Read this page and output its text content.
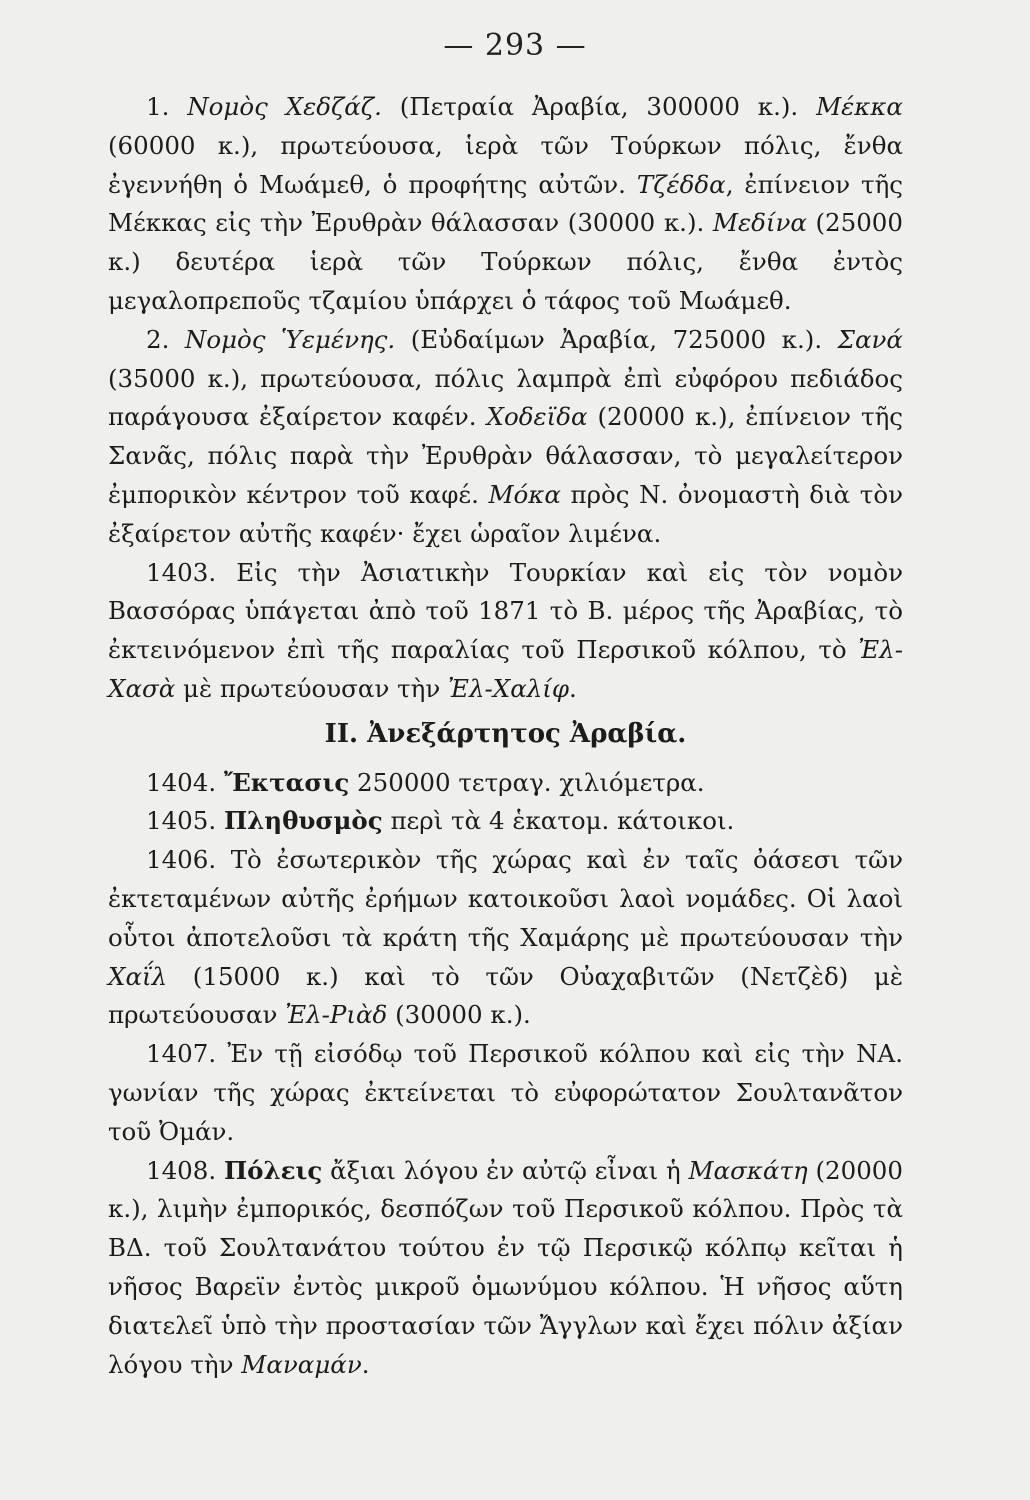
— 293 —

1. Νομὸς Χεδζάζ. (Πετραία Ἀραβία, 300000 κ.). Μέκκα (60000 κ.), πρωτεύουσα, ἱερὰ τῶν Τούρκων πόλις, ἔνθα ἐγεννήθη ὁ Μωάμεθ, ὁ προφήτης αὐτῶν. Τζέδδα, ἐπίνειον τῆς Μέκκας εἰς τὴν Ἐρυθρὰν θάλασσαν (30000 κ.). Μεδίνα (25000 κ.) δευτέρα ἱερὰ τῶν Τούρκων πόλις, ἔνθα ἐντὸς μεγαλοπρεποῦς τζαμίου ὑπάρχει ὁ τάφος τοῦ Μωάμεθ.

2. Νομὸς Ὑεμένης. (Εὐδαίμων Ἀραβία, 725000 κ.). Σανά (35000 κ.), πρωτεύουσα, πόλις λαμπρὰ ἐπὶ εὐφόρου πεδιάδος παράγουσα ἐξαίρετον καφέν. Χοδεϊδα (20000 κ.), ἐπίνειον τῆς Σανᾶς, πόλις παρὰ τὴν Ἐρυθρὰν θάλασσαν, τὸ μεγαλείτερον ἐμπορικὸν κέντρον τοῦ καφέ. Μόκα πρὸς Ν. ὀνομαστὴ διὰ τὸν ἐξαίρετον αὐτῆς καφέν· ἔχει ὡραῖον λιμένα.

1403. Εἰς τὴν Ἀσιατικὴν Τουρκίαν καὶ εἰς τὸν νομὸν Βασσόρας ὑπάγεται ἀπὸ τοῦ 1871 τὸ Β. μέρος τῆς Ἀραβίας, τὸ ἐκτεινόμενον ἐπὶ τῆς παραλίας τοῦ Περσικοῦ κόλπου, τὸ Ἐλ-Χασὰ μὲ πρωτεύουσαν τὴν Ἐλ-Χαλίφ.

ΙΙ. Ἀνεξάρτητος Ἀραβία.

1404. Ἔκτασις 250000 τετραγ. χιλιόμετρα.

1405. Πληθυσμὸς περὶ τὰ 4 ἑκατομ. κάτοικοι.

1406. Τὸ ἐσωτερικὸν τῆς χώρας καὶ ἐν ταῖς ὀάσεσι τῶν ἐκτεταμένων αὐτῆς ἐρήμων κατοικοῦσι λαοὶ νομάδες. Οἱ λαοὶ οὗτοι ἀποτελοῦσι τὰ κράτη τῆς Χαμάρης μὲ πρωτεύουσαν τὴν Χαΐλ (15000 κ.) καὶ τὸ τῶν Οὐαχαβιτῶν (Νετζὲδ) μὲ πρωτεύουσαν Ἐλ-Ριὰδ (30000 κ.).

1407. Ἐν τῇ εἰσόδῳ τοῦ Περσικοῦ κόλπου καὶ εἰς τὴν ΝΑ. γωνίαν τῆς χώρας ἐκτείνεται τὸ εὐφορώτατον Σουλτανᾶτον τοῦ Ὀμάν.

1408. Πόλεις ἄξιαι λόγου ἐν αὐτῷ εἶναι ἡ Μασκάτη (20000 κ.), λιμὴν ἐμπορικός, δεσπόζων τοῦ Περσικοῦ κόλπου. Πρὸς τὰ ΒΔ. τοῦ Σουλτανάτου τούτου ἐν τῷ Περσικῷ κόλπῳ κεῖται ἡ νῆσος Βαρεϊν ἐντὸς μικροῦ ὁμωνύμου κόλπου. Ἡ νῆσος αὕτη διατελεῖ ὑπὸ τὴν προστασίαν τῶν Ἄγγλων καὶ ἔχει πόλιν ἀξίαν λόγου τὴν Μαναμάν.
